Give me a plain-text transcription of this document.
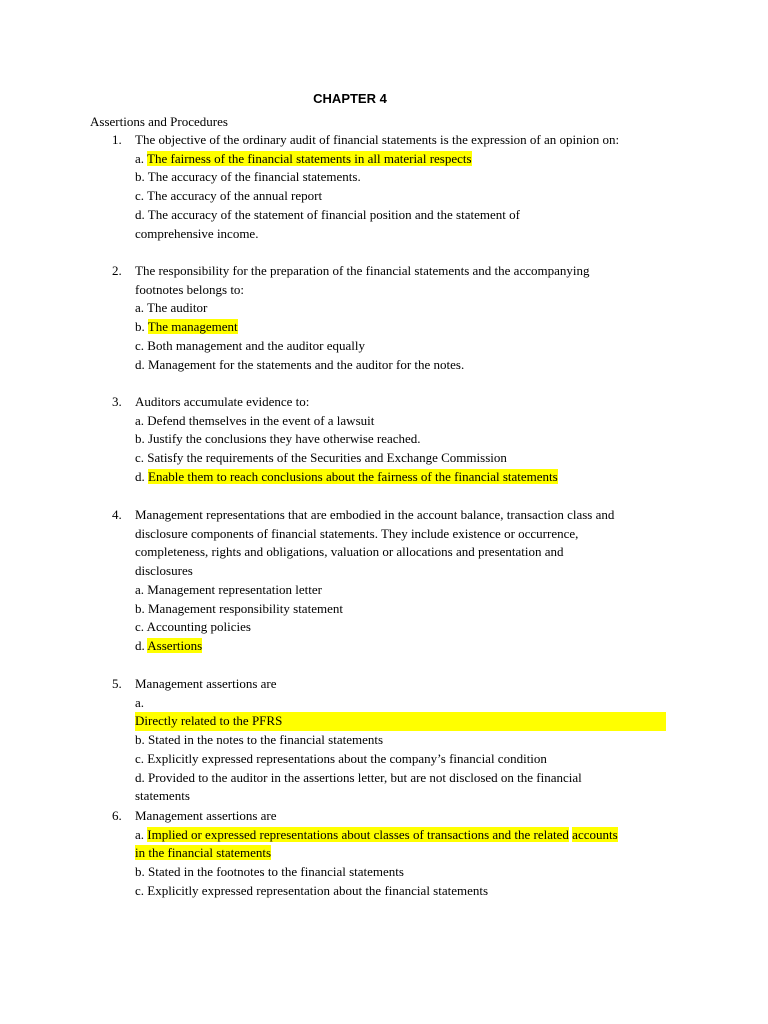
CHAPTER 4
Assertions and Procedures
1. The objective of the ordinary audit of financial statements is the expression of an opinion on:
a. The fairness of the financial statements in all material respects
b. The accuracy of the financial statements.
c. The accuracy of the annual report
d. The accuracy of the statement of financial position and the statement of
comprehensive income.
2. The responsibility for the preparation of the financial statements and the accompanying
footnotes belongs to:
a. The auditor
b. The management
c. Both management and the auditor equally
d. Management for the statements and the auditor for the notes.
3. Auditors accumulate evidence to:
a. Defend themselves in the event of a lawsuit
b. Justify the conclusions they have otherwise reached.
c. Satisfy the requirements of the Securities and Exchange Commission
d. Enable them to reach conclusions about the fairness of the financial statements
4. Management representations that are embodied in the account balance, transaction class and
disclosure components of financial statements. They include existence or occurrence,
completeness, rights and obligations, valuation or allocations and presentation and
disclosures
a. Management representation letter
b. Management responsibility statement
c. Accounting policies
d. Assertions
5. Management assertions are
a. Directly related to the PFRS
b. Stated in the notes to the financial statements
c. Explicitly expressed representations about the company’s financial condition
d. Provided to the auditor in the assertions letter, but are not disclosed on the financial
statements
6. Management assertions are
a. Implied or expressed representations about classes of transactions and the related accounts
in the financial statements
b. Stated in the footnotes to the financial statements
c. Explicitly expressed representation about the financial statements
